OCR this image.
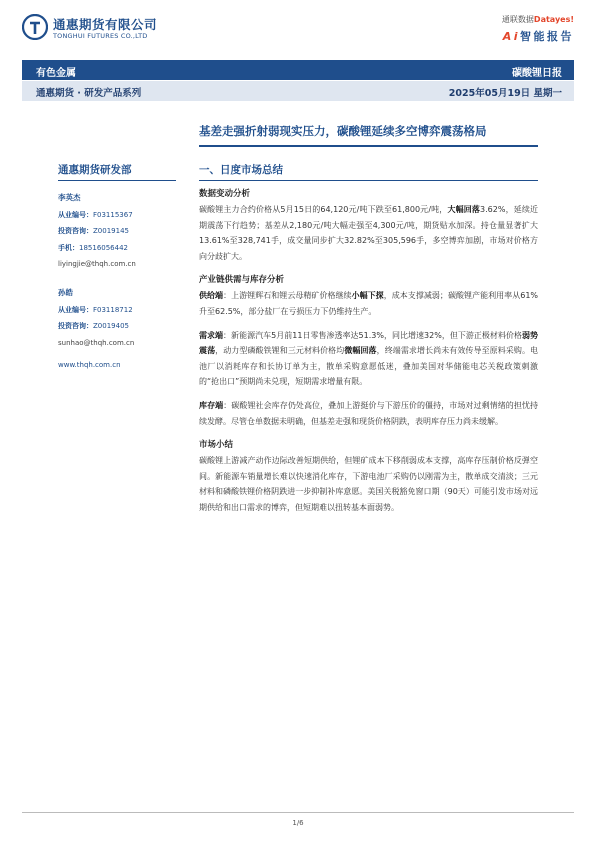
通惠期货有限公司
TONGHUI FUTURES CO.,LTD
通联数据Datayes!
Ai智能报告
有色金属	碳酸锂日报
通惠期货 · 研发产品系列	2025年05月19日 星期一
基差走强折射弱现实压力，碳酸锂延续多空博弈震荡格局
通惠期货研发部
李英杰
从业编号：F03115367
投资咨询：Z0019145
手机：18516056442
liyingjie@thqh.com.cn
孙皓
从业编号：F03118712
投资咨询：Z0019405
sunhao@thqh.com.cn
www.thqh.com.cn
一、日度市场总结
数据变动分析

碳酸锂主力合约价格从5月15日的64,120元/吨下跌至61,800元/吨，大幅回落3.62%，延续近期震荡下行趋势；基差从2,180元/吨大幅走强至4,300元/吨，期货贴水加深。持仓量显著扩大13.61%至328,741手，成交量同步扩大32.82%至305,596手，多空博弈加剧，市场对价格方向分歧扩大。

产业链供需与库存分析

供给端：上游锂辉石和锂云母精矿价格继续小幅下探，成本支撑减弱；碳酸锂产能利用率从61%升至62.5%，部分盐厂在亏损压力下仍维持生产。

需求端：新能源汽车5月前11日零售渗透率达51.3%，同比增速32%，但下游正极材料价格弱势震荡，动力型磷酸铁锂和三元材料价格均微幅回落，终端需求增长尚未有效传导至原料采购。电池厂以消耗库存和长协订单为主，散单采购意愿低迷，叠加美国对华储能电芯关税政策刺激的“抢出口”预期尚未兑现，短期需求增量有限。

库存端：碳酸锂社会库存仍处高位，叠加上游挺价与下游压价的僵持，市场对过剩情绪的担忧持续发酵。尽管仓单数据未明确，但基差走强和现货价格阴跌，表明库存压力尚未缓解。

市场小结

碳酸锂上游减产动作边际改善短期供给，但锂矿成本下移削弱成本支撑，高库存压制价格反弹空间。新能源车销量增长难以快速消化库存，下游电池厂采购仍以刚需为主，散单成交清淡；三元材料和磷酸铁锂价格阴跌进一步抑制补库意愿。美国关税豁免窗口期（90天）可能引发市场对远期供给和出口需求的博弈，但短期难以扭转基本面弱势。

1/6
